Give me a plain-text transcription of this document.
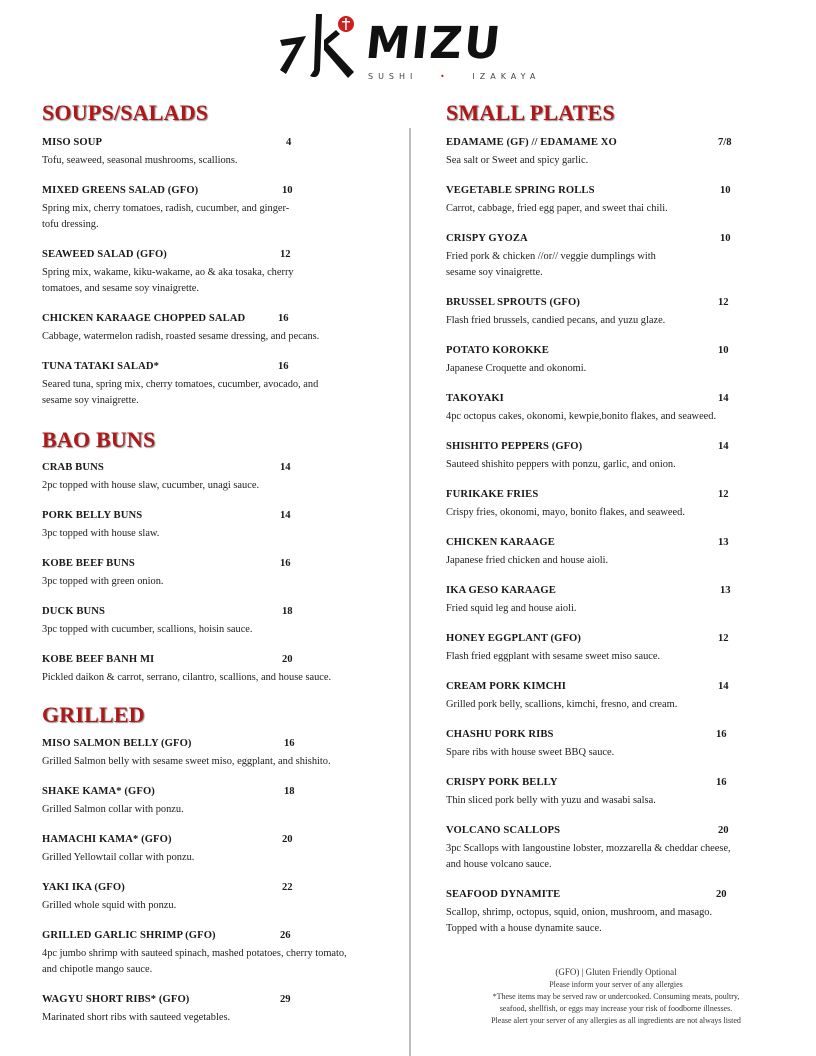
MIZU
SUSHI	•	IZAKAYA
SOUPS/SALADS
MISO SOUP	4
Tofu, seaweed, seasonal mushrooms, scallions.
MIXED GREENS SALAD (GFO)	10
Spring mix, cherry tomatoes, radish, cucumber, and ginger-tofu dressing.
SEAWEED SALAD (GFO)	12
Spring mix, wakame, kiku-wakame, ao & aka tosaka, cherry tomatoes, and sesame soy vinaigrette.
CHICKEN KARAAGE CHOPPED SALAD	16
Cabbage, watermelon radish, roasted sesame dressing, and pecans.
TUNA TATAKI SALAD*	16
Seared tuna, spring mix, cherry tomatoes, cucumber, avocado, and sesame soy vinaigrette.
BAO BUNS
CRAB BUNS	14
2pc topped with house slaw, cucumber, unagi sauce.
PORK BELLY BUNS	14
3pc topped with house slaw.
KOBE BEEF BUNS	16
3pc topped with green onion.
DUCK BUNS	18
3pc topped with cucumber, scallions, hoisin sauce.
KOBE BEEF BANH MI	20
Pickled daikon & carrot, serrano, cilantro, scallions, and house sauce.
GRILLED
MISO SALMON BELLY (GFO)	16
Grilled Salmon belly with sesame sweet miso, eggplant, and shishito.
SHAKE KAMA* (GFO)	18
Grilled Salmon collar with ponzu.
HAMACHI KAMA* (GFO)	20
Grilled Yellowtail collar with ponzu.
YAKI IKA (GFO)	22
Grilled whole squid with ponzu.
GRILLED GARLIC SHRIMP (GFO)	26
4pc jumbo shrimp with sauteed spinach, mashed potatoes, cherry tomato, and chipotle mango sauce.
WAGYU SHORT RIBS* (GFO)	29
Marinated short ribs with sauteed vegetables.
SMALL PLATES
EDAMAME (GF) // EDAMAME XO	7/8
Sea salt or Sweet and spicy garlic.
VEGETABLE SPRING ROLLS	10
Carrot, cabbage, fried egg paper, and sweet thai chili.
CRISPY GYOZA	10
Fried pork & chicken //or// veggie dumplings with sesame soy vinaigrette.
BRUSSEL SPROUTS (GFO)	12
Flash fried brussels, candied pecans, and yuzu glaze.
POTATO KOROKKE	10
Japanese Croquette and okonomi.
TAKOYAKI	14
4pc octopus cakes, okonomi, kewpie,bonito flakes, and seaweed.
SHISHITO PEPPERS (GFO)	14
Sauteed shishito peppers with ponzu, garlic, and onion.
FURIKAKE FRIES	12
Crispy fries, okonomi, mayo, bonito flakes, and seaweed.
CHICKEN KARAAGE	13
Japanese fried chicken and house aioli.
IKA GESO KARAAGE	13
Fried squid leg and house aioli.
HONEY EGGPLANT (GFO)	12
Flash fried eggplant with sesame sweet miso sauce.
CREAM PORK KIMCHI	14
Grilled pork belly, scallions, kimchi, fresno, and cream.
CHASHU PORK RIBS	16
Spare ribs with house sweet BBQ sauce.
CRISPY PORK BELLY	16
Thin sliced pork belly with yuzu and wasabi salsa.
VOLCANO SCALLOPS	20
3pc Scallops with langoustine lobster, mozzarella & cheddar cheese, and house volcano sauce.
SEAFOOD DYNAMITE	20
Scallop, shrimp, octopus, squid, onion, mushroom, and masago. Topped with a house dynamite sauce.
(GFO) | Gluten Friendly Optional
Please inform your server of any allergies
*These items may be served raw or undercooked. Consuming meats, poultry,
seafood, shellfish, or eggs may increase your risk of foodborne illnesses.
Please alert your server of any allergies as all ingredients are not always listed
